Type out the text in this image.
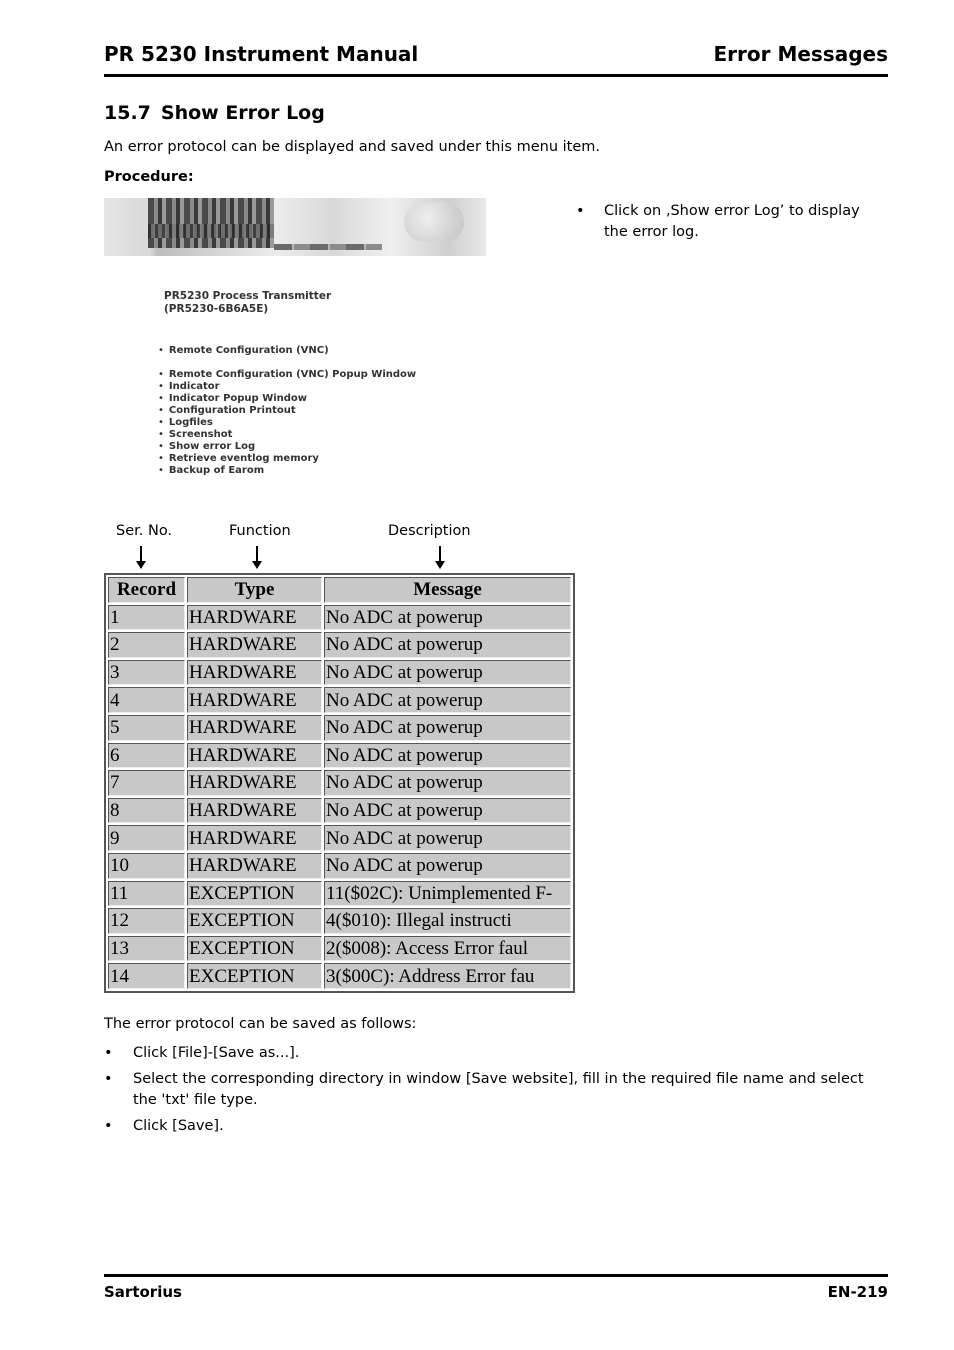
PR 5230 Instrument Manual	Error Messages
15.7 Show Error Log
An error protocol can be displayed and saved under this menu item.
Procedure:
• Click on ‚Show error Log’ to display the error log.
PR5230 Process Transmitter
(PR5230-6B6A5E)
• Remote Configuration (VNC)
• Remote Configuration (VNC) Popup Window
• Indicator
• Indicator Popup Window
• Configuration Printout
• Logfiles
• Screenshot
• Show error Log
• Retrieve eventlog memory
• Backup of Earom
Ser. No.	Function	Description
Record	Type	Message
1	HARDWARE	No ADC at powerup
2	HARDWARE	No ADC at powerup
3	HARDWARE	No ADC at powerup
4	HARDWARE	No ADC at powerup
5	HARDWARE	No ADC at powerup
6	HARDWARE	No ADC at powerup
7	HARDWARE	No ADC at powerup
8	HARDWARE	No ADC at powerup
9	HARDWARE	No ADC at powerup
10	HARDWARE	No ADC at powerup
11	EXCEPTION	11($02C): Unimplemented F-
12	EXCEPTION	4($010): Illegal instructi
13	EXCEPTION	2($008): Access Error faul
14	EXCEPTION	3($00C): Address Error fau
The error protocol can be saved as follows:
• Click [File]-[Save as...].
• Select the corresponding directory in window [Save website], fill in the required file name and select the 'txt' file type.
• Click [Save].
Sartorius	EN-219
